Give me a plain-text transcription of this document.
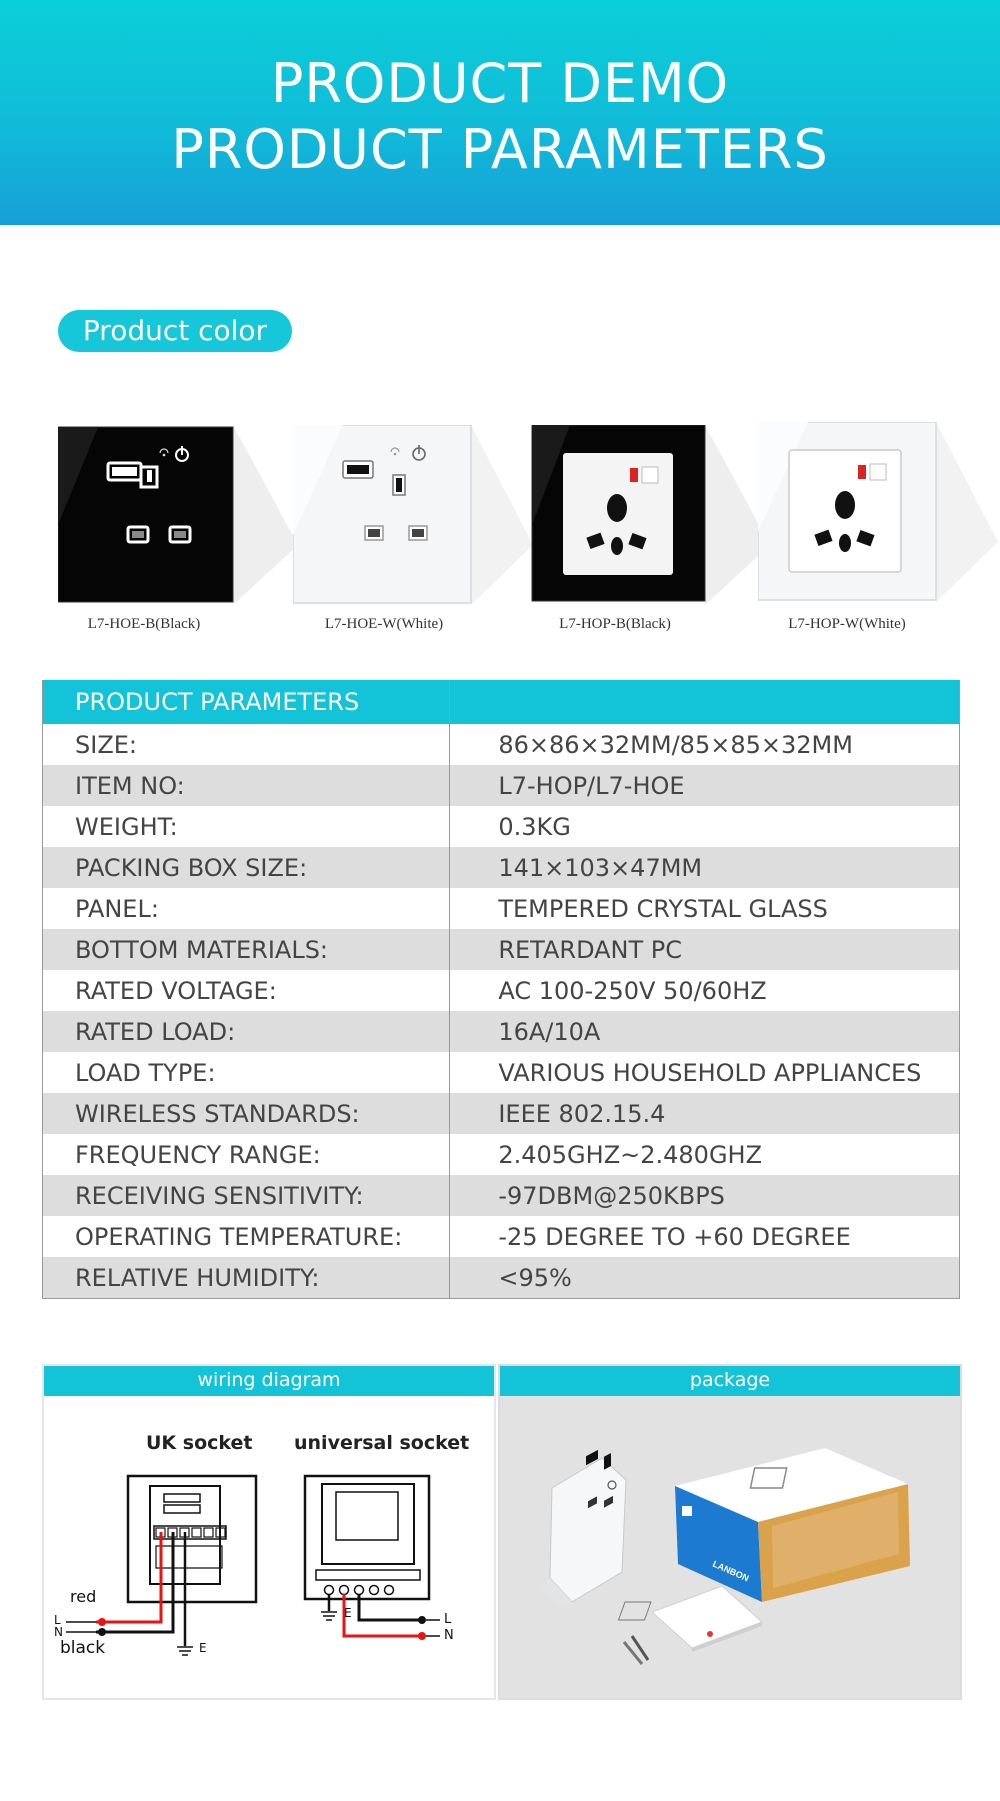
PRODUCT DEMO
PRODUCT PARAMETERS
Product color
L7-HOE-B(Black)	L7-HOE-W(White)	L7-HOP-B(Black)	L7-HOP-W(White)
PRODUCT PARAMETERS	
SIZE:	86×86×32MM/85×85×32MM
ITEM NO:	L7-HOP/L7-HOE
WEIGHT:	0.3KG
PACKING BOX SIZE:	141×103×47MM
PANEL:	TEMPERED CRYSTAL GLASS
BOTTOM MATERIALS:	RETARDANT PC
RATED VOLTAGE:	AC 100-250V 50/60HZ
RATED LOAD:	16A/10A
LOAD TYPE:	VARIOUS HOUSEHOLD APPLIANCES
WIRELESS STANDARDS:	IEEE 802.15.4
FREQUENCY RANGE:	2.405GHZ~2.480GHZ
RECEIVING SENSITIVITY:	-97DBM@250KBPS
OPERATING TEMPERATURE:	-25 DEGREE TO +60 DEGREE
RELATIVE HUMIDITY:	<95%
wiring diagram
UK socket universal socket
red
L
N
black	E
E	L
N
package
LANBON
